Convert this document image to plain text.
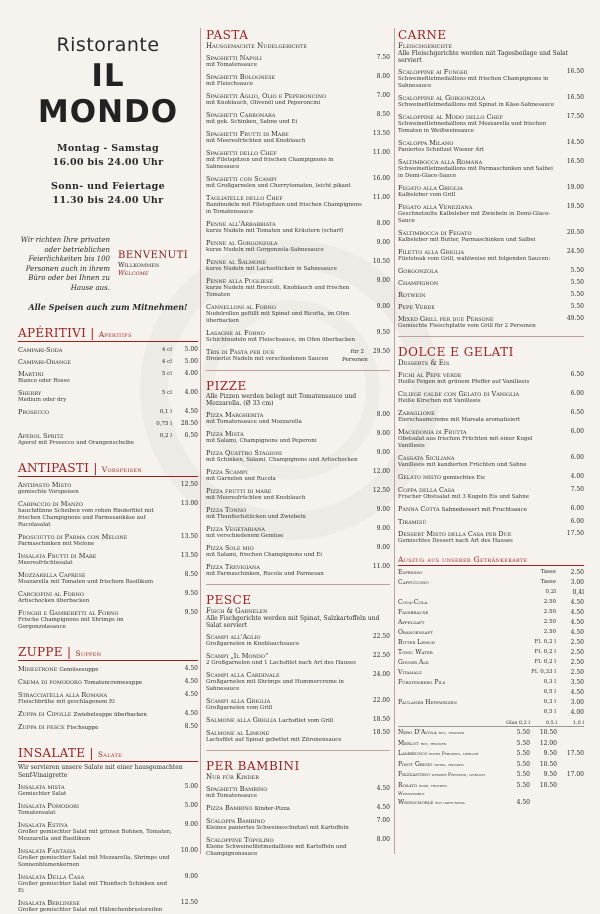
Ristorante
IL MONDO
Montag - Samstag
16.00 bis 24.00 Uhr
Sonn- und Feiertage
11.30 bis 24.00 Uhr
Wir richten Ihre privaten oder betrieblichen Feierlichkeiten bis 100 Personen auch in ihrem Büro oder bei Ihnen zu Hause aus.
BENVENUTI
Willkommen
Welcome
Alle Speisen auch zum Mitnehmen!
APÉRITIVI | Aperitifs
Campari-Soda	4 cl	5.00
Campari-Orange	4 cl	5.00
Martini
Bianco oder Rosso
5 cl	4.00
Sherry
Medium oder dry
5 cl	4.00
Prosecco	0,1 l	4.50
0,75 l	28.50
Apérol Spritz
Aperol mit Prosecco und Orangenscheibe
0,2 l	6.50
ANTIPASTI | Vorspeisen
Antipasto Misto
gemischte Vorspeisen
12.50
Carpaccio di Manzo
hauchdünne Scheiben vom rohen Rinderfilet mit frischen Champignons und Parmesankäse auf Rucolasalat
13.00
Prosciutto di Parma con Melone
Parmaschinken mit Melone
13.50
Insalata Frutti di Mare
Meeresfrüchtesalat
13.50
Mozzarella Caprese
Mozzarella mit Tomaten und frischem Basilikum
8.50
Carciofini al Forno
Artischocken überbacken
9.50
Funghi e Gamberetti al Forno
Frische Champignons mit Shrimps im Gorgonzolasauce
9.50
ZUPPE | Suppen
Minestrone Gemüsesuppe	4.50
Crema di pomodoro Tomatencremesuppe	4.50
Stracciatella alla Romana
Fleischbrühe mit geschlagenem Ei
4.50
Zuppa di Cipolle Zwiebelsuppe überbacken	4.50
Zuppa di pesce Fischsuppe	8.50
INSALATE | Salate
Wir servieren unsere Salate mit einer hausgemachten Senf-Vinaigrette
Insalata mista
Gemischter Salat
5.00
Insalata Pomodori
Tomatensalat
5.00
Insalata Estiva
Großer gemischter Salat mit grünen Bohnen, Tomaten, Mozzarella und Basilikum
9.00
Insalata Fantasia
Großer gemischter Salat mit Mozzarella, Shrimps und Sonnenblumenkernen
10.00
Insalata Della Casa
Großer gemischter Salat mit Thunfisch Schinken und Ei
9.00
Insalata Berlinese
Großer gemischter Salat mit Hähnchenbrustsreifen
12.50
PASTA
Hausgemachte Nudelgerichte
Spaghetti Napoli
mit Tomatensauce
7.50
Spaghetti Bolognese
mit Fleischsauce
8.00
Spaghetti Aglio, Olio e Peperoncino
mit Knoblauch, Olivenöl und Peperoncini
7.00
Spaghetti Carbonara
mit gek. Schinken, Sahne und Ei
8.50
Spaghetti Frutti di Mare
mit Meeresfrüchten und Knoblauch
13.50
Spaghetti dello Chef
mit Filetspitzen und frischen Champignons in Sahnesauce
11.00
Spaghetti con Scampi
mit Großgarnelen und Cherrytomaten, leicht pikant
16.00
Tagliatelle dello Chef
Bandnudeln mit Filetspitzen und frischen Champignons in Tomatensauce
11.00
Penne all'Arrabbiata
kurze Nudeln mit Tomaten und Kräutern (scharf)
8.00
Penne al Gorgonzola
kurze Nudeln mit Gorgonzola-Sahnesauce
9.00
Penne al Salmone
kurze Nudeln mit Lachsstücken in Sahnesauce
10.50
Penne alla Pugliese
kurze Nudeln mit Broccoli, Knoblauch und frischen Tomaten
9.00
Cannelloni al Forno
Nudelrollen gefüllt mit Spinat und Ricotta, im Ofen überbacken
9.00
Lasagne al Forno
Schichtnudeln mit Fleischsauce, im Ofen überbacken
9.50
Tris di Pasta per due
Dreierlei Nudeln mit verschiedenen Saucen
für 2 Personen
29.50
PIZZE
Alle Pizzen werden belegt mit Tomatensauce und Mozzarella. (Ø 33 cm)
Pizza Margherita
mit Tomatensauce und Mozzarella
8.00
Pizza Mista
mit Salami, Champignons und Peperoni
9.00
Pizza Quattro Stagioni
mit Schinken, Salami, Champignons und Artischocken
9.00
Pizza Scampi
mit Garnelen und Rucola
12.00
Pizza frutti di mare
mit Meeresfrüchten und Knoblauch
12.50
Pizza Tonno
mit Thunfischstücken und Zwiebeln
9.00
Pizza Vegetariana
mit verschiedenem Gemüse
9.00
Pizza Sole mio
mit Salami, frischen Champignons und Ei
9.00
Pizza Trevigiana
mit Parmaschinken, Rucola und Parmesan
11.00
PESCE
Fisch & Garnelen
Alle Fischgerichte werden mit Spinat, Salzkartoffeln und Salat serviert
Scampi all'Aglio
Großgarnelen in Knoblauchsauce
22.50
Scampi „Il Mondo“
2 Großgarnelen und 1 Lachsfilet nach Art des Hauses
22.50
Scampi alla Cardinale
Großgarnelen mit Shrimps und Hummercreme in Sahnesauce
24.00
Scampi alla Griglia
Großgarnelen vom Grill
22.00
Salmone alla Griglia Lachsfilet vom Grill	18.50
Salmone al Limone
Lachsfilet auf Spinat gebettet mit Zitronensauce
18.50
PER BAMBINI
Nur für Kinder
Spaghetti Bambino
mit Tomatensauce
4.50
Pizza Bambino Kinder-Pizza	4.50
Scaloppa Bambino
Kleines paniertes Schweineschnitzel mit Kartoffeln
7.00
Scaloppine Topolino
Kleine Schweinefiletmedaillons mit Kartoffeln und Champignonsauce
8.00
CARNE
Fleischgerichte
Alle Fleischgerichte werden mit Tagesbeilage und Salat serviert
Scaloppine ai Funghi
Schweinefiletmedaillons mit frischen Champignons in Sahnesauce
16.50
Scaloppine al Gorgonzola
Schweinefiletmedaillons mit Spinat in Käse-Sahnesauce
16.50
Scaloppine al Modo dello Chef
Schweinefiletmedaillons mit Mozzarella und frischen Tomaten in Weißweinsauce
17.50
Scaloppa Milano
Paniertes Schnitzel Wiener Art
14.50
Saltimbocca alla Romana
Schweinefiletmedaillons mit Parmaschinken und Salbei in Demi-Glace-Sauce
16.50
Fegato alla Griglia
Kalbsleber vom Grill
19.00
Fegato alla Veneziana
Geschnetzelte Kalbsleber mit Zwiebeln in Demi-Glace-Sauce
19.50
Saltimbocca di Fegato
Kalbsleber mit Butter, Parmaschinken und Salbei
20.50
Filetto alla Griglia
Filetsteak vom Grill, wahlweise mit folgenden Saucen:
24.50
Gorgonzola	5.50
Champignon	5.50
Rotwein	5.50
Pepe Verde	5.50
Mixed Grill per due Persone
Gemischte Fleischplatte vom Grill für 2 Personen
49.50
DOLCE E GELATI
Desserts & Eis
Fichi al Pepe verde
Heiße Feigen mit grünem Pfeffer auf Vanilleeis
6.50
Ciliege calde con Gelato di Vaniglia
Heiße Kirschen mit Vanilleeis
6.00
Zabaglione
Eierschaumcreme mit Marsala aromatisiert
6.50
Macedonia di Frutta
Obstsalat aus frischen Früchten mit einer Kugel Vanilleeis
6.00
Cassata Siciliana
Vanilleeis mit kandierten Früchten und Sahne
6.00
Gelato misto gemischtes Eis	4.00
Coppa della Casa
Frischer Obstsalat mit 3 Kugeln Eis und Sahne
7.50
Panna Cotta Sahnedessert mit Fruchtsauce	6.00
Tiramisù	6.00
Dessert Misto della Casa per Due
Gemischtes Dessert nach Art des Hauses
17.50
Auszug aus unserer Getränkekarte
Espresso	Tasse	2.50
Cappuccino	Tasse	3.00
0,2l	0,4l
Coca-Cola	2.50	4.50
Fassbrause	2.50	4.50
Apfelsaft	2.50	4.50
Orangensaft	2.50	4.50
Bitter Lemon	Fl. 0,2 l	2.50
Tonic Water	Fl. 0,2 l	2.50
Ginger Ale	Fl. 0,2 l	2.50
Vitamalz	Fl. 0,33 l	2.50
Fürstenberg Pils	0,3 l	3.50
0,5 l	4.50
Paulaner Hefeweizen	0,3 l	3.00
0,5 l	4.00
Glas 0,2 l	0,5 l	1,0 l
Nero D'Avola rot, trocken	5.50	10.50
Merlot rot, trocken	5.50	12.00
Lambrusco rotes Perlwein, lieblich	5.50	9.50	17.50
Pinot Grigio weiß, trocken	5.50	10.50
Frizzantino weißer Perlwein, lieblich	5.50	9.50	17.00
Rosato rosé, trocken	5.50	10.50
Weinschorle
Weinschorle rot oder weiß	4.50
